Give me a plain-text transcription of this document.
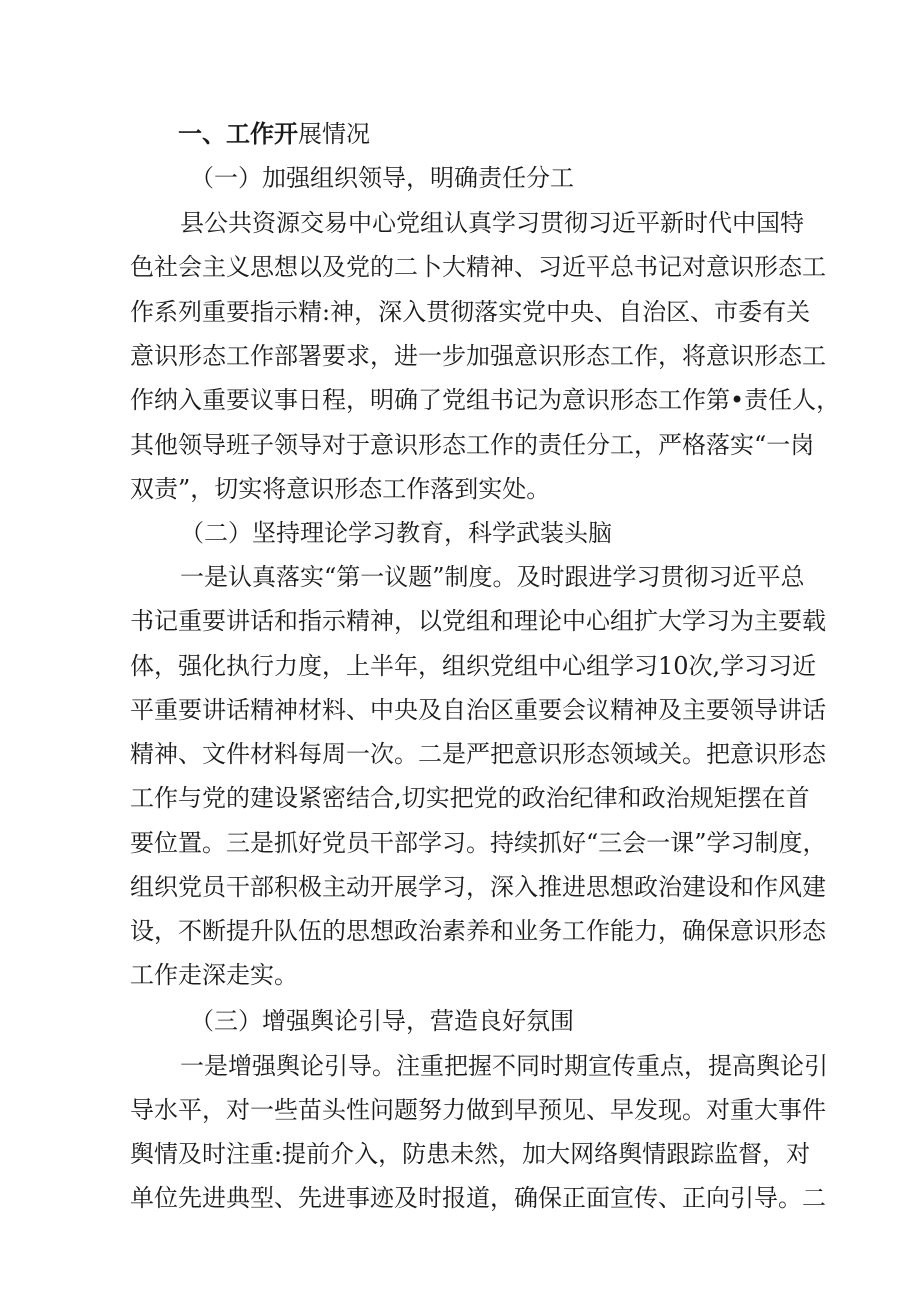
一、工作开展情况
（一）加强组织领导，明确责任分工
县公共资源交易中心党组认真学习贯彻习近平新时代中国特
色社会主义思想以及党的二卜大精神、习近平总书记对意识形态工
作系列重要指示精:神，深入贯彻落实党中央、自治区、市委有关
意识形态工作部署要求，进一步加强意识形态工作，将意识形态工
作纳入重要议事日程，明确了党组书记为意识形态工作第•责任人，
其他领导班子领导对于意识形态工作的责任分工，严格落实“一岗
双责”，切实将意识形态工作落到实处。
（二）坚持理论学习教育，科学武装头脑
一是认真落实“第一议题”制度。及时跟进学习贯彻习近平总
书记重要讲话和指示精神，以党组和理论中心组扩大学习为主要载
体，强化执行力度，上半年，组织党组中心组学习10次,学习习近
平重要讲话精神材料、中央及自治区重要会议精神及主要领导讲话
精神、文件材料每周一次。二是严把意识形态领域关。把意识形态
工作与党的建设紧密结合,切实把党的政治纪律和政治规矩摆在首
要位置。三是抓好党员干部学习。持续抓好“三会一课”学习制度，
组织党员干部积极主动开展学习，深入推进思想政治建设和作风建
设，不断提升队伍的思想政治素养和业务工作能力，确保意识形态
工作走深走实。
（三）增强舆论引导，营造良好氛围
一是增强舆论引导。注重把握不同时期宣传重点，提高舆论引
导水平，对一些苗头性问题努力做到早预见、早发现。对重大事件
舆情及时注重:提前介入，防患未然，加大网络舆情跟踪监督，对
单位先进典型、先进事迹及时报道，确保正面宣传、正向引导。二
